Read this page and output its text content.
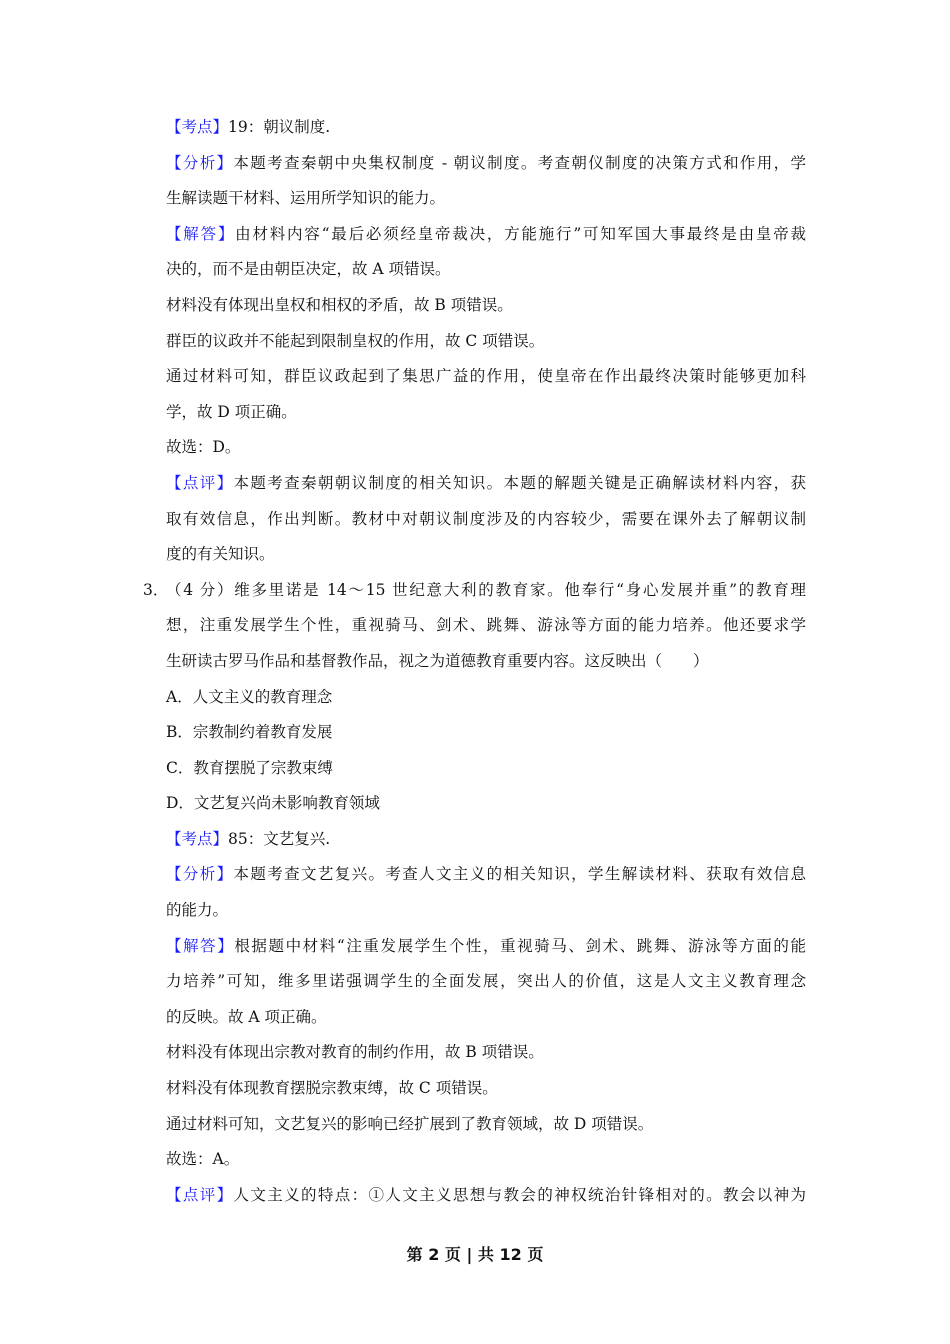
【考点】19：朝议制度.
【分析】本题考查秦朝中央集权制度 - 朝议制度。考查朝仪制度的决策方式和作用，学
生解读题干材料、运用所学知识的能力。
【解答】由材料内容“最后必须经皇帝裁决，方能施行”可知军国大事最终是由皇帝裁
决的，而不是由朝臣决定，故 A 项错误。
材料没有体现出皇权和相权的矛盾，故 B 项错误。
群臣的议政并不能起到限制皇权的作用，故 C 项错误。
通过材料可知，群臣议政起到了集思广益的作用，使皇帝在作出最终决策时能够更加科
学，故 D 项正确。
故选：D。
【点评】本题考查秦朝朝议制度的相关知识。本题的解题关键是正确解读材料内容，获
取有效信息，作出判断。教材中对朝议制度涉及的内容较少，需要在课外去了解朝议制
度的有关知识。
3．
（4 分）维多里诺是 14～15 世纪意大利的教育家。他奉行“身心发展并重”的教育理
想，注重发展学生个性，重视骑马、剑术、跳舞、游泳等方面的能力培养。他还要求学
生研读古罗马作品和基督教作品，视之为道德教育重要内容。这反映出（　　）
A．人文主义的教育理念
B．宗教制约着教育发展
C．教育摆脱了宗教束缚
D．文艺复兴尚未影响教育领域
【考点】85：文艺复兴.
【分析】本题考查文艺复兴。考查人文主义的相关知识，学生解读材料、获取有效信息
的能力。
【解答】根据题中材料“注重发展学生个性，重视骑马、剑术、跳舞、游泳等方面的能
力培养”可知，维多里诺强调学生的全面发展，突出人的价值，这是人文主义教育理念
的反映。故 A 项正确。
材料没有体现出宗教对教育的制约作用，故 B 项错误。
材料没有体现教育摆脱宗教束缚，故 C 项错误。
通过材料可知，文艺复兴的影响已经扩展到了教育领域，故 D 项错误。
故选：A。
【点评】人文主义的特点：①人文主义思想与教会的神权统治针锋相对的。教会以神为
第 2 页 | 共 12 页
